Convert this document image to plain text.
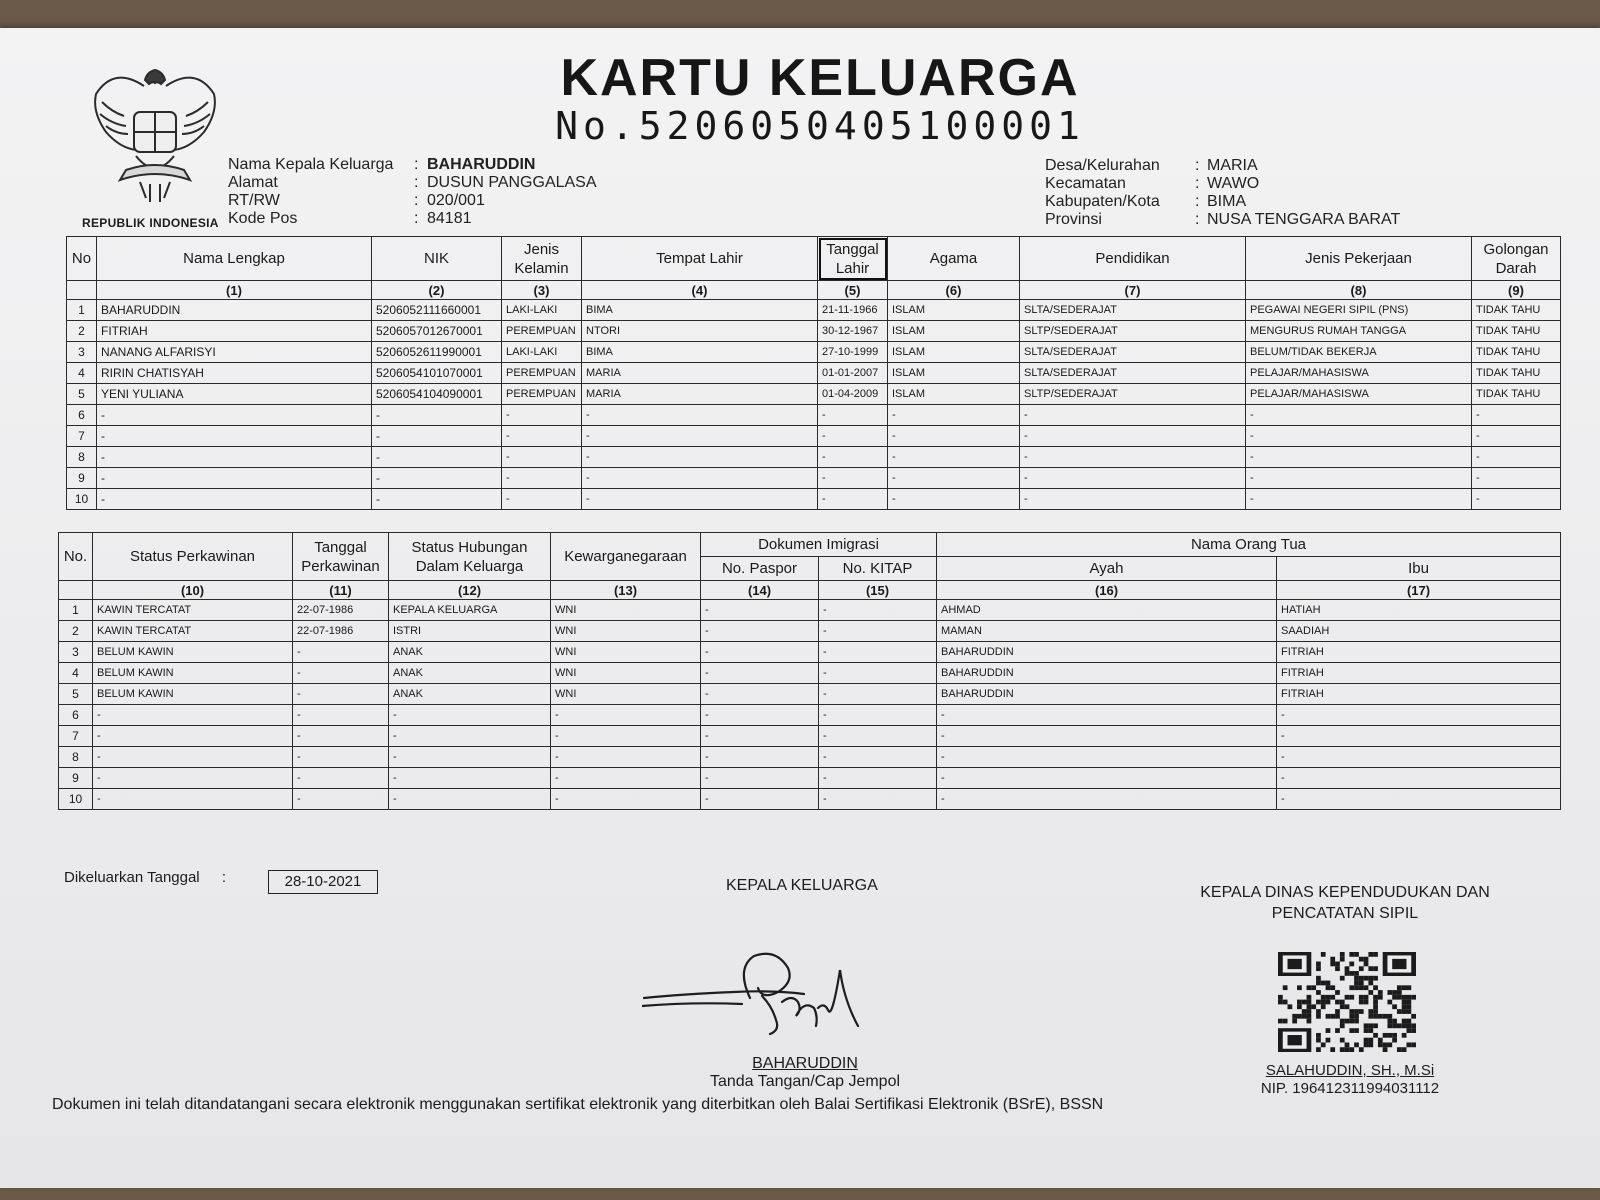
REPUBLIK INDONESIA
KARTU KELUARGA
No.5206050405100001
Nama Kepala Keluarga : BAHARUDDIN
Alamat	: DUSUN PANGGALASA
RT/RW	: 020/001
Kode Pos	: 84181
Desa/Kelurahan : MARIA
Kecamatan	: WAWO
Kabupaten/Kota : BIMA
Provinsi	: NUSA TENGGARA BARAT
No	Nama Lengkap	NIK	Jenis Kelamin	Tempat Lahir	Tanggal Lahir	Agama	Pendidikan	Jenis Pekerjaan	Golongan Darah
	(1)	(2)	(3)	(4)	(5)	(6)	(7)	(8)	(9)
1	BAHARUDDIN	5206052111660001	LAKI-LAKI	BIMA	21-11-1966	ISLAM	SLTA/SEDERAJAT	PEGAWAI NEGERI SIPIL (PNS)	TIDAK TAHU
2	FITRIAH	5206057012670001	PEREMPUAN	NTORI	30-12-1967	ISLAM	SLTP/SEDERAJAT	MENGURUS RUMAH TANGGA	TIDAK TAHU
3	NANANG ALFARISYI	5206052611990001	LAKI-LAKI	BIMA	27-10-1999	ISLAM	SLTA/SEDERAJAT	BELUM/TIDAK BEKERJA	TIDAK TAHU
4	RIRIN CHATISYAH	5206054101070001	PEREMPUAN	MARIA	01-01-2007	ISLAM	SLTA/SEDERAJAT	PELAJAR/MAHASISWA	TIDAK TAHU
5	YENI YULIANA	5206054104090001	PEREMPUAN	MARIA	01-04-2009	ISLAM	SLTP/SEDERAJAT	PELAJAR/MAHASISWA	TIDAK TAHU
6	-	-	-	-	-	-	-	-	-
7	-	-	-	-	-	-	-	-	-
8	-	-	-	-	-	-	-	-	-
9	-	-	-	-	-	-	-	-	-
10	-	-	-	-	-	-	-	-	-
No.	Status Perkawinan	Tanggal Perkawinan	Status Hubungan Dalam Keluarga	Kewarganegaraan	Dokumen Imigrasi		Nama Orang Tua	
					No. Paspor	No. KITAP	Ayah	Ibu
	(10)	(11)	(12)	(13)	(14)	(15)	(16)	(17)
1	KAWIN TERCATAT	22-07-1986	KEPALA KELUARGA	WNI	-	-	AHMAD	HATIAH
2	KAWIN TERCATAT	22-07-1986	ISTRI	WNI	-	-	MAMAN	SAADIAH
3	BELUM KAWIN	-	ANAK	WNI	-	-	BAHARUDDIN	FITRIAH
4	BELUM KAWIN	-	ANAK	WNI	-	-	BAHARUDDIN	FITRIAH
5	BELUM KAWIN	-	ANAK	WNI	-	-	BAHARUDDIN	FITRIAH
6	-	-	-	-	-	-	-	-
7	-	-	-	-	-	-	-	-
8	-	-	-	-	-	-	-	-
9	-	-	-	-	-	-	-	-
10	-	-	-	-	-	-	-	-
Dikeluarkan Tanggal :	28-10-2021	KEPALA KELUARGA
BAHARUDDIN
Tanda Tangan/Cap Jempol
KEPALA DINAS KEPENDUDUKAN DAN PENCATATAN SIPIL
SALAHUDDIN, SH., M.Si
NIP. 196412311994031112
Dokumen ini telah ditandatangani secara elektronik menggunakan sertifikat elektronik yang diterbitkan oleh Balai Sertifikasi Elektronik (BSrE), BSSN
